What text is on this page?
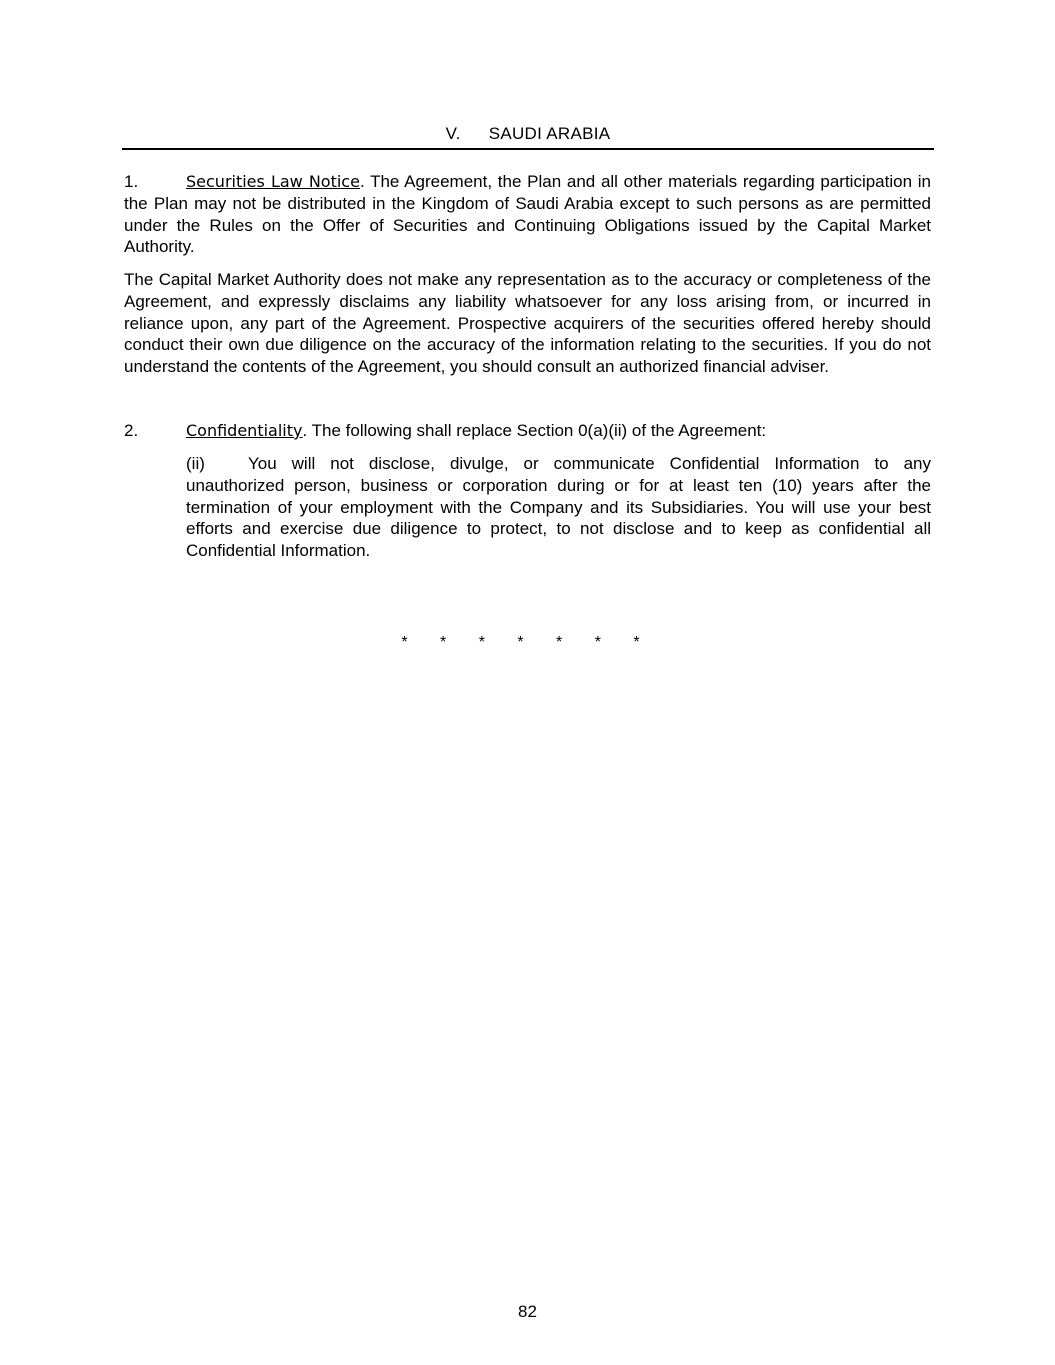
V. SAUDI ARABIA

1.	Securities Law Notice. The Agreement, the Plan and all other materials regarding participation in the Plan may not be distributed in the Kingdom of Saudi Arabia except to such persons as are permitted under the Rules on the Offer of Securities and Continuing Obligations issued by the Capital Market Authority.

The Capital Market Authority does not make any representation as to the accuracy or completeness of the Agreement, and expressly disclaims any liability whatsoever for any loss arising from, or incurred in reliance upon, any part of the Agreement. Prospective acquirers of the securities offered hereby should conduct their own due diligence on the accuracy of the information relating to the securities. If you do not understand the contents of the Agreement, you should consult an authorized financial adviser.

2.	Confidentiality. The following shall replace Section 0(a)(ii) of the Agreement:

(ii)	You will not disclose, divulge, or communicate Confidential Information to any unauthorized person, business or corporation during or for at least ten (10) years after the termination of your employment with the Company and its Subsidiaries. You will use your best efforts and exercise due diligence to protect, to not disclose and to keep as confidential all Confidential Information.

* * * * * * *
82
